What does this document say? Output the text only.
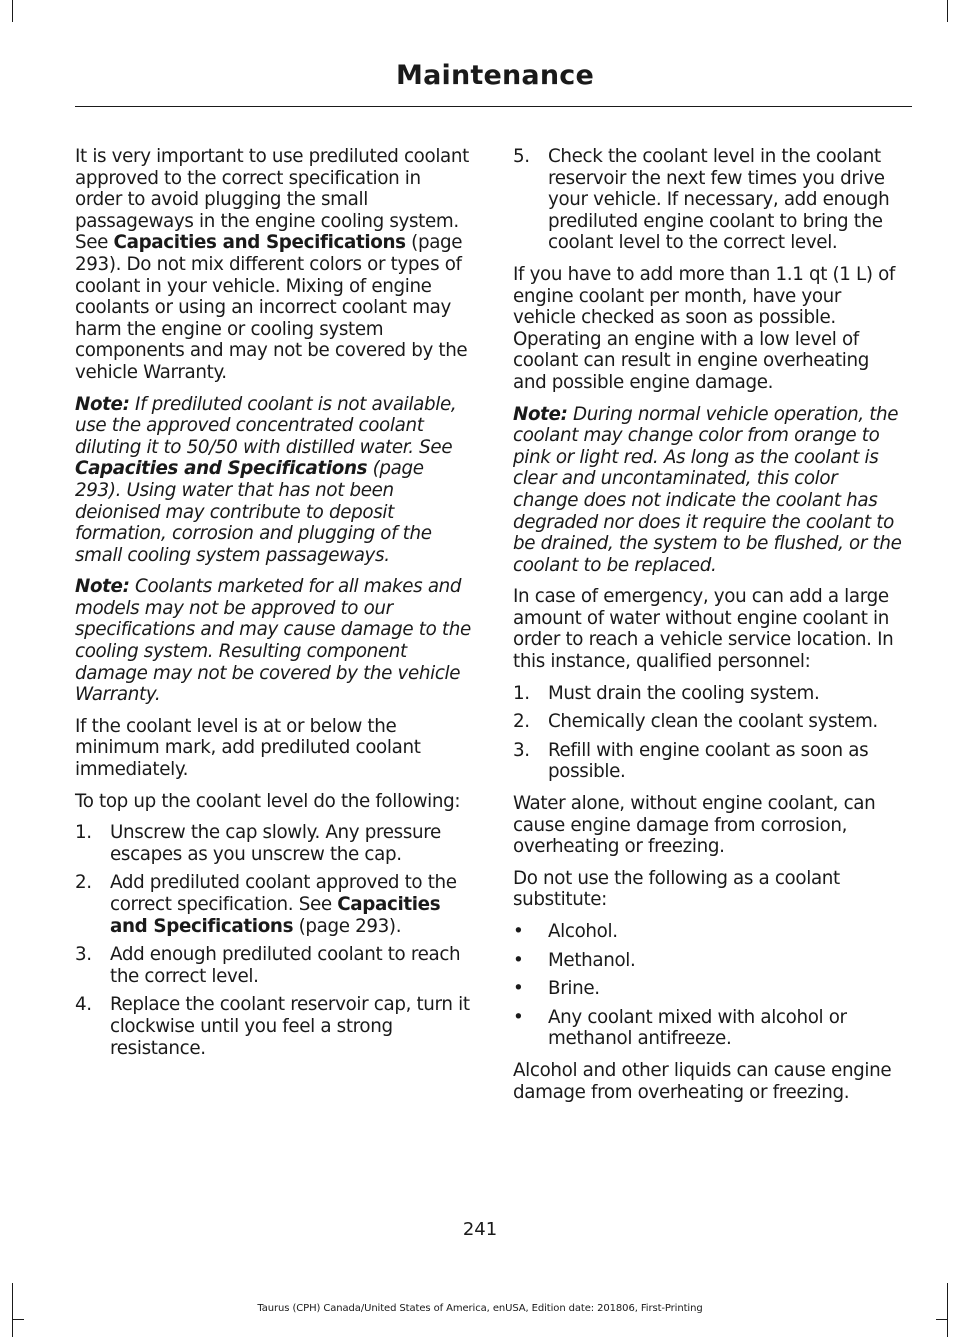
Maintenance

It is very important to use prediluted coolant approved to the correct specification in order to avoid plugging the small passageways in the engine cooling system. See Capacities and Specifications (page 293). Do not mix different colors or types of coolant in your vehicle. Mixing of engine coolants or using an incorrect coolant may harm the engine or cooling system components and may not be covered by the vehicle Warranty.

Note: If prediluted coolant is not available, use the approved concentrated coolant diluting it to 50/50 with distilled water. See Capacities and Specifications (page 293). Using water that has not been deionised may contribute to deposit formation, corrosion and plugging of the small cooling system passageways.

Note: Coolants marketed for all makes and models may not be approved to our specifications and may cause damage to the cooling system. Resulting component damage may not be covered by the vehicle Warranty.

If the coolant level is at or below the minimum mark, add prediluted coolant immediately.

To top up the coolant level do the following:

1. Unscrew the cap slowly. Any pressure escapes as you unscrew the cap.
2. Add prediluted coolant approved to the correct specification. See Capacities and Specifications (page 293).
3. Add enough prediluted coolant to reach the correct level.
4. Replace the coolant reservoir cap, turn it clockwise until you feel a strong resistance.
5. Check the coolant level in the coolant reservoir the next few times you drive your vehicle. If necessary, add enough prediluted engine coolant to bring the coolant level to the correct level.

If you have to add more than 1.1 qt (1 L) of engine coolant per month, have your vehicle checked as soon as possible. Operating an engine with a low level of coolant can result in engine overheating and possible engine damage.

Note: During normal vehicle operation, the coolant may change color from orange to pink or light red. As long as the coolant is clear and uncontaminated, this color change does not indicate the coolant has degraded nor does it require the coolant to be drained, the system to be flushed, or the coolant to be replaced.

In case of emergency, you can add a large amount of water without engine coolant in order to reach a vehicle service location. In this instance, qualified personnel:

1. Must drain the cooling system.
2. Chemically clean the coolant system.
3. Refill with engine coolant as soon as possible.

Water alone, without engine coolant, can cause engine damage from corrosion, overheating or freezing.

Do not use the following as a coolant substitute:

• Alcohol.
• Methanol.
• Brine.
• Any coolant mixed with alcohol or methanol antifreeze.

Alcohol and other liquids can cause engine damage from overheating or freezing.

241
Taurus (CPH) Canada/United States of America, enUSA, Edition date: 201806, First-Printing
